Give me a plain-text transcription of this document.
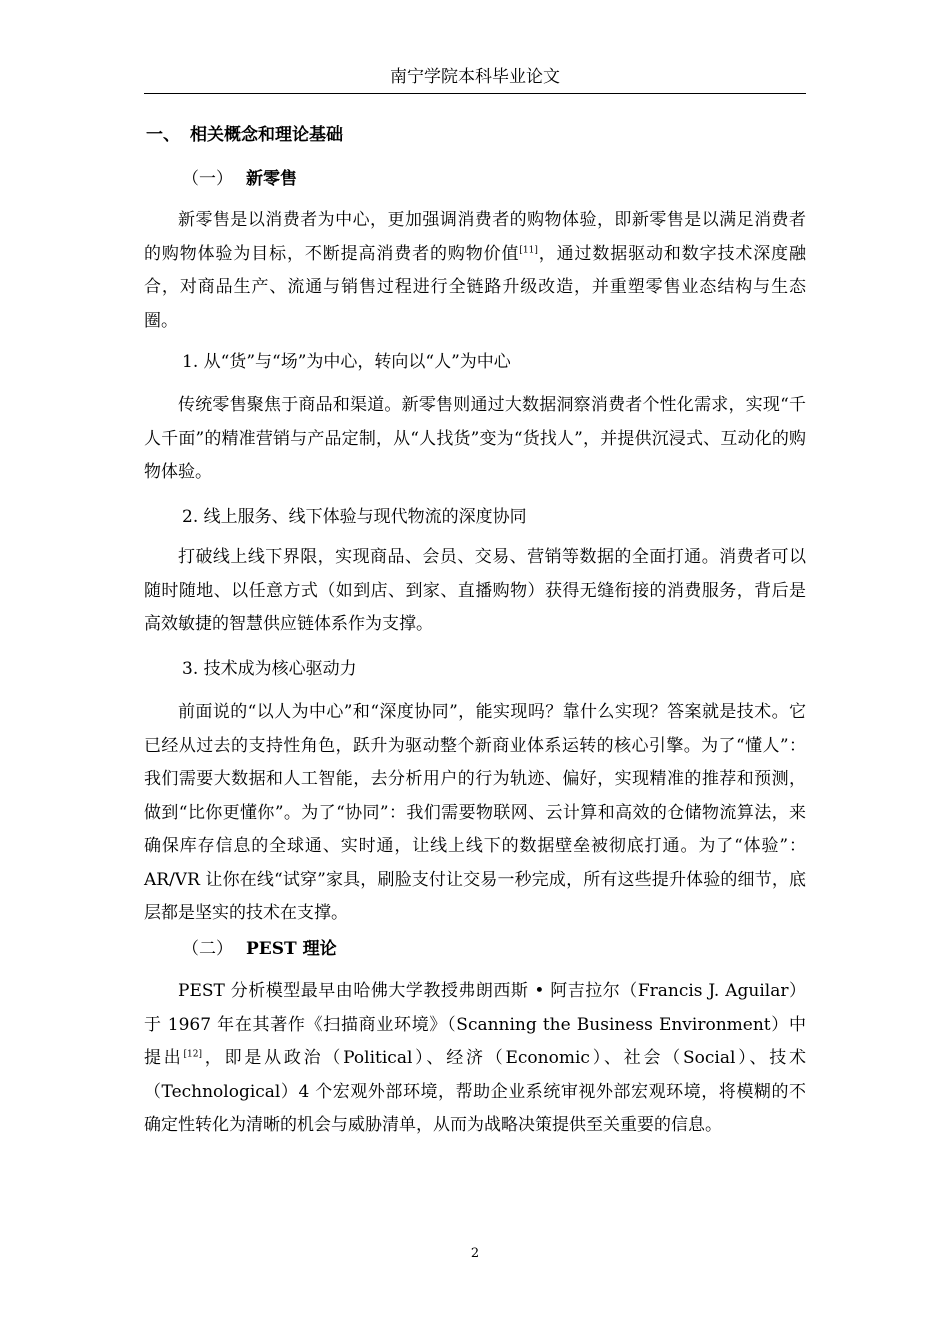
南宁学院本科毕业论文
一、 相关概念和理论基础
（一） 新零售

新零售是以消费者为中心，更加强调消费者的购物体验，即新零售是以满足消费者的购物体验为目标，不断提高消费者的购物价值[11]，通过数据驱动和数字技术深度融合，对商品生产、流通与销售过程进行全链路升级改造，并重塑零售业态结构与生态圈。

1. 从“货”与“场”为中心，转向以“人”为中心

传统零售聚焦于商品和渠道。新零售则通过大数据洞察消费者个性化需求，实现“千人千面”的精准营销与产品定制，从“人找货”变为“货找人”，并提供沉浸式、互动化的购物体验。

2. 线上服务、线下体验与现代物流的深度协同

打破线上线下界限，实现商品、会员、交易、营销等数据的全面打通。消费者可以随时随地、以任意方式（如到店、到家、直播购物）获得无缝衔接的消费服务，背后是高效敏捷的智慧供应链体系作为支撑。

3. 技术成为核心驱动力

前面说的“以人为中心”和“深度协同”，能实现吗？靠什么实现？答案就是技术。它已经从过去的支持性角色，跃升为驱动整个新商业体系运转的核心引擎。为了“懂人”：我们需要大数据和人工智能，去分析用户的行为轨迹、偏好，实现精准的推荐和预测，做到“比你更懂你”。为了“协同”：我们需要物联网、云计算和高效的仓储物流算法，来确保库存信息的全球通、实时通，让线上线下的数据壁垒被彻底打通。为了“体验”：AR/VR 让你在线“试穿”家具，刷脸支付让交易一秒完成，所有这些提升体验的细节，底层都是坚实的技术在支撑。

（二） PEST 理论

PEST 分析模型最早由哈佛大学教授弗朗西斯 • 阿吉拉尔（Francis J. Aguilar）于 1967 年在其著作《扫描商业环境》（Scanning the Business Environment）中提出[12]，即是从政治（Political）、经济（Economic）、社会（Social）、技术（Technological）4 个宏观外部环境，帮助企业系统审视外部宏观环境，将模糊的不确定性转化为清晰的机会与威胁清单，从而为战略决策提供至关重要的信息。

2
